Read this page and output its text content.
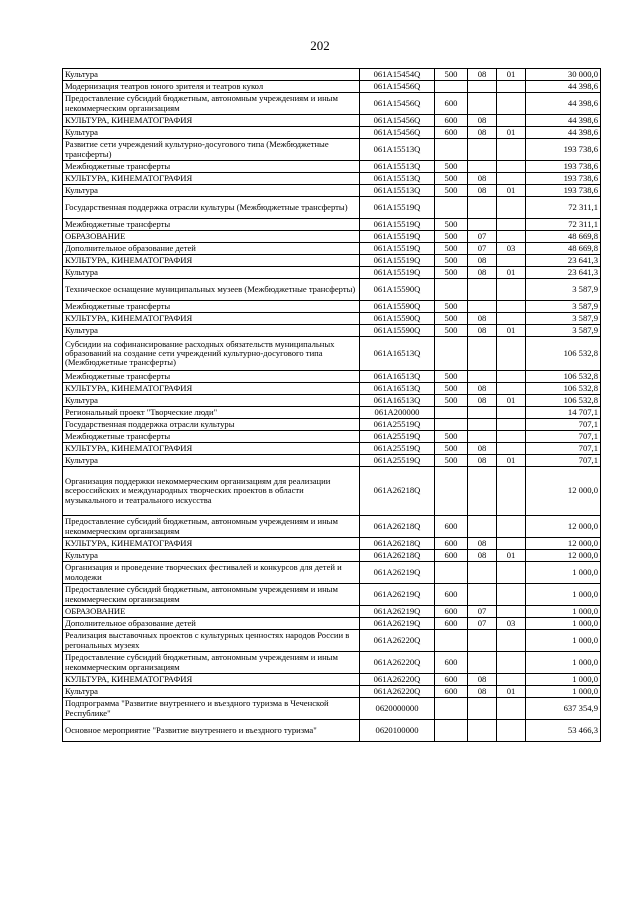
202
Культура	061A15454Q	500	08	01	30 000,0
Модернизация театров юного зрителя и театров кукол	061A15456Q				44 398,6
Предоставление субсидий бюджетным, автономным учреждениям и иным некоммерческим организациям	061A15456Q	600			44 398,6
КУЛЬТУРА, КИНЕМАТОГРАФИЯ	061A15456Q	600	08		44 398,6
Культура	061A15456Q	600	08	01	44 398,6
Развитие сети учреждений культурно-досугового типа (Межбюджетные трансферты)	061A15513Q				193 738,6
Межбюджетные трансферты	061A15513Q	500			193 738,6
КУЛЬТУРА, КИНЕМАТОГРАФИЯ	061A15513Q	500	08		193 738,6
Культура	061A15513Q	500	08	01	193 738,6
Государственная поддержка отрасли культуры (Межбюджетные трансферты)	061A15519Q				72 311,1
Межбюджетные трансферты	061A15519Q	500			72 311,1
ОБРАЗОВАНИЕ	061A15519Q	500	07		48 669,8
Дополнительное образование детей	061A15519Q	500	07	03	48 669,8
КУЛЬТУРА, КИНЕМАТОГРАФИЯ	061A15519Q	500	08		23 641,3
Культура	061A15519Q	500	08	01	23 641,3
Техническое оснащение муниципальных музеев (Межбюджетные трансферты)	061A15590Q				3 587,9
Межбюджетные трансферты	061A15590Q	500			3 587,9
КУЛЬТУРА, КИНЕМАТОГРАФИЯ	061A15590Q	500	08		3 587,9
Культура	061A15590Q	500	08	01	3 587,9
Субсидии на софинансирование расходных обязательств муниципальных образований на создание сети учреждений культурно-досугового типа (Межбюджетные трансферты)	061A16513Q				106 532,8
Межбюджетные трансферты	061A16513Q	500			106 532,8
КУЛЬТУРА, КИНЕМАТОГРАФИЯ	061A16513Q	500	08		106 532,8
Культура	061A16513Q	500	08	01	106 532,8
Региональный проект "Творческие люди"	061A200000				14 707,1
Государственная поддержка отрасли культуры	061A25519Q				707,1
Межбюджетные трансферты	061A25519Q	500			707,1
КУЛЬТУРА, КИНЕМАТОГРАФИЯ	061A25519Q	500	08		707,1
Культура	061A25519Q	500	08	01	707,1
Организация поддержки некоммерческим организациям для реализации всероссийских и международных творческих проектов в области музыкального и театрального искусства	061A26218Q				12 000,0
Предоставление субсидий бюджетным, автономным учреждениям и иным некоммерческим организациям	061A26218Q	600			12 000,0
КУЛЬТУРА, КИНЕМАТОГРАФИЯ	061A26218Q	600	08		12 000,0
Культура	061A26218Q	600	08	01	12 000,0
Организация и проведение творческих фестивалей и конкурсов для детей и молодежи	061A26219Q				1 000,0
Предоставление субсидий бюджетным, автономным учреждениям и иным некоммерческим организациям	061A26219Q	600			1 000,0
ОБРАЗОВАНИЕ	061A26219Q	600	07		1 000,0
Дополнительное образование детей	061A26219Q	600	07	03	1 000,0
Реализация выставочных проектов с культурных ценностях народов России в регональных музеях	061A26220Q				1 000,0
Предоставление субсидий бюджетным, автономным учреждениям и иным некоммерческим организациям	061A26220Q	600			1 000,0
КУЛЬТУРА, КИНЕМАТОГРАФИЯ	061A26220Q	600	08		1 000,0
Культура	061A26220Q	600	08	01	1 000,0
Подпрограмма "Развитие внутреннего и въездного туризма в Чеченской Республике"	0620000000				637 354,9
Основное мероприятие "Развитие внутреннего и въездного туризма"	0620100000				53 466,3
